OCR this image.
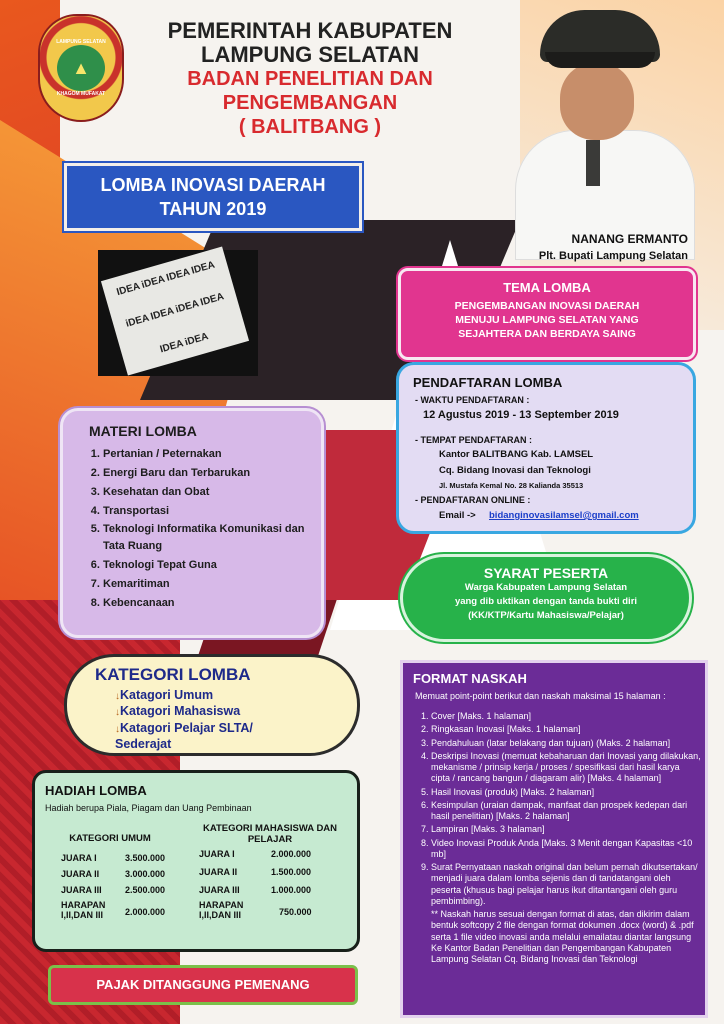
LAMPUNG SELATAN
▲
KHAGOM MUFAKAT
PEMERINTAH KABUPATEN
LAMPUNG SELATAN
BADAN PENELITIAN DAN
PENGEMBANGAN
( BALITBANG )
NANANG ERMANTO
Plt. Bupati Lampung Selatan
LOMBA INOVASI DAERAH
TAHUN 2019
IDEA
iDEA
IDEA
IDEA
iDEA
IDEA
iDEA
IDEA
IDEA
iDEA
TEMA LOMBA
PENGEMBANGAN INOVASI DAERAH
MENUJU LAMPUNG SELATAN YANG
SEJAHTERA DAN BERDAYA SAING
PENDAFTARAN LOMBA
- WAKTU PENDAFTARAN :
12 Agustus 2019 - 13 September 2019
- TEMPAT PENDAFTARAN :
Kantor BALITBANG Kab. LAMSEL
Cq. Bidang Inovasi dan Teknologi
Jl. Mustafa Kemal No. 28 Kalianda 35513
- PENDAFTARAN ONLINE :
Email -> bidanginovasilamsel@gmail.com
MATERI LOMBA
1. Pertanian / Peternakan
2. Energi Baru dan Terbarukan
3. Kesehatan dan Obat
4. Transportasi
5. Teknologi Informatika Komunikasi dan Tata Ruang
6. Teknologi Tepat Guna
7. Kemaritiman
8. Kebencanaan
SYARAT PESERTA
Warga Kabupaten Lampung Selatan
yang dib uktikan dengan tanda bukti diri
(KK/KTP/Kartu Mahasiswa/Pelajar)
KATEGORI LOMBA
↓ Katagori Umum
↓ Katagori Mahasiswa
↓ Katagori Pelajar SLTA/ Sederajat
FORMAT NASKAH
Memuat point-point berikut dan naskah maksimal 15 halaman :
1. Cover [Maks. 1 halaman]
2. Ringkasan Inovasi [Maks. 1 halaman]
3. Pendahuluan (latar belakang dan tujuan) (Maks. 2 halaman]
4. Deskripsi Inovasi (memuat kebaharuan dari Inovasi yang dilakukan, mekanisme / prinsip kerja / proses / spesifikasi dari hasil karya cipta / rancang bangun / diagaram alir) [Maks. 4 halaman]
5. Hasil Inovasi (produk) [Maks. 2 halaman]
6. Kesimpulan (uraian dampak, manfaat dan prospek kedepan dari hasil penelitian) [Maks. 2 halaman]
7. Lampiran [Maks. 3 halaman]
8. Video Inovasi Produk Anda [Maks. 3 Menit dengan Kapasitas <10 mb]
9. Surat Pernyataan naskah original dan belum pernah dikutsertakan/ menjadi juara dalam lomba sejenis dan di tandatangani oleh peserta (khusus bagi pelajar harus ikut ditantangani oleh guru pembimbing).
** Naskah harus sesuai dengan format di atas, dan dikirim dalam bentuk softcopy 2 file dengan format dokumen .docx (word) & .pdf serta 1 file video inovasi anda melalui emailatau diantar langsung Ke Kantor Badan Penelitian dan Pengembangan Kabupaten Lampung Selatan Cq. Bidang Inovasi dan Teknologi
HADIAH LOMBA
Hadiah berupa Piala, Piagam dan Uang Pembinaan
KATEGORI UMUM
KATEGORI MAHASISWA DAN PELAJAR
JUARA I	3.500.000
JUARA II	3.000.000
JUARA III	2.500.000
HARAPAN I,II,DAN III	2.000.000
JUARA I	2.000.000
JUARA II	1.500.000
JUARA III	1.000.000
HARAPAN I,II,DAN III	750.000
PAJAK DITANGGUNG PEMENANG
